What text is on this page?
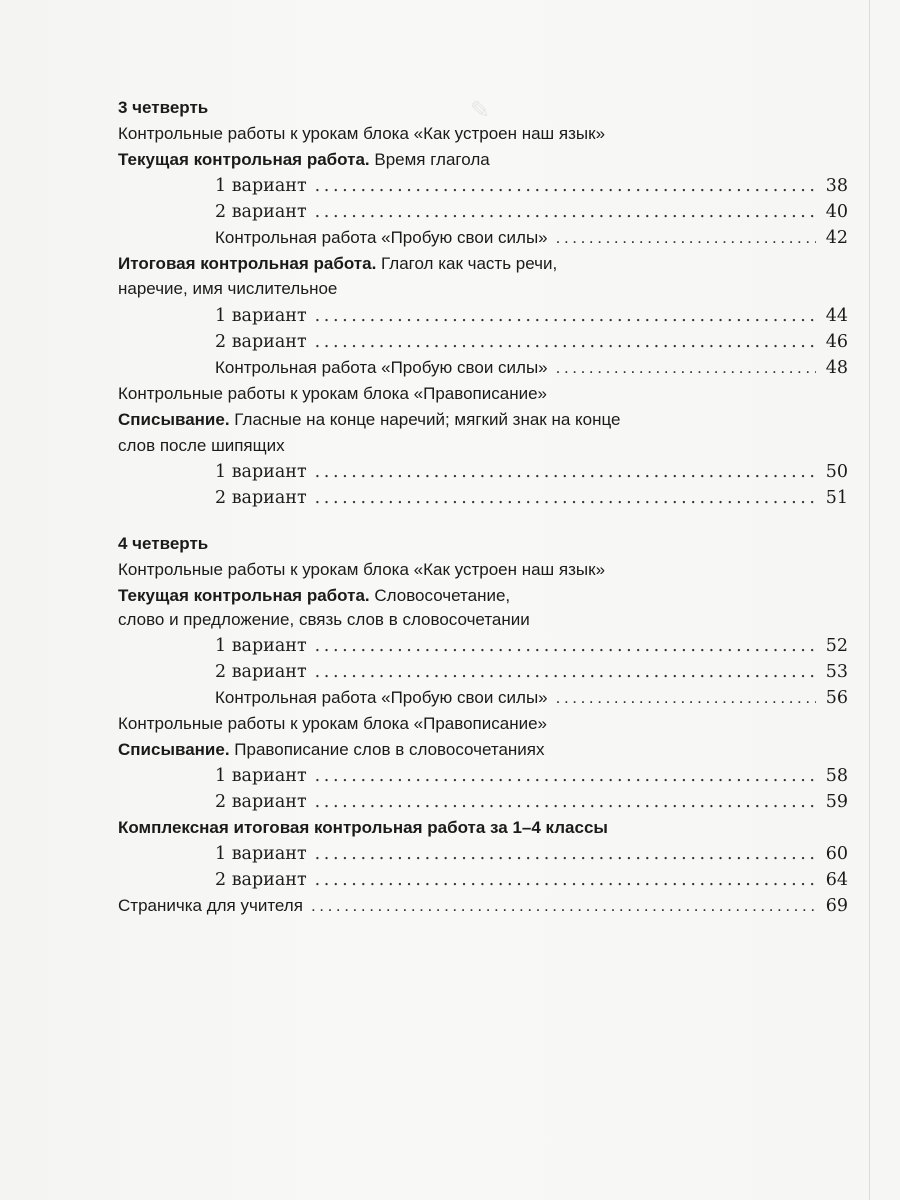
✎
3 четверть
Контрольные работы к урокам блока «Как устроен наш язык»
Текущая контрольная работа. Время глагола
1 вариант .....	38
2 вариант .....	40
Контрольная работа «Пробую свои силы» .....	42
Итоговая контрольная работа. Глагол как часть речи,
наречие, имя числительное
1 вариант .....	44
2 вариант .....	46
Контрольная работа «Пробую свои силы» .....	48
Контрольные работы к урокам блока «Правописание»
Списывание. Гласные на конце наречий; мягкий знак на конце
слов после шипящих
1 вариант .....	50
2 вариант .....	51
4 четверть
Контрольные работы к урокам блока «Как устроен наш язык»
Текущая контрольная работа. Словосочетание,
слово и предложение, связь слов в словосочетании
1 вариант .....	52
2 вариант .....	53
Контрольная работа «Пробую свои силы» .....	56
Контрольные работы к урокам блока «Правописание»
Списывание. Правописание слов в словосочетаниях
1 вариант .....	58
2 вариант .....	59
Комплексная итоговая контрольная работа за 1–4 классы
1 вариант .....	60
2 вариант .....	64
Страничка для учителя .....	69
